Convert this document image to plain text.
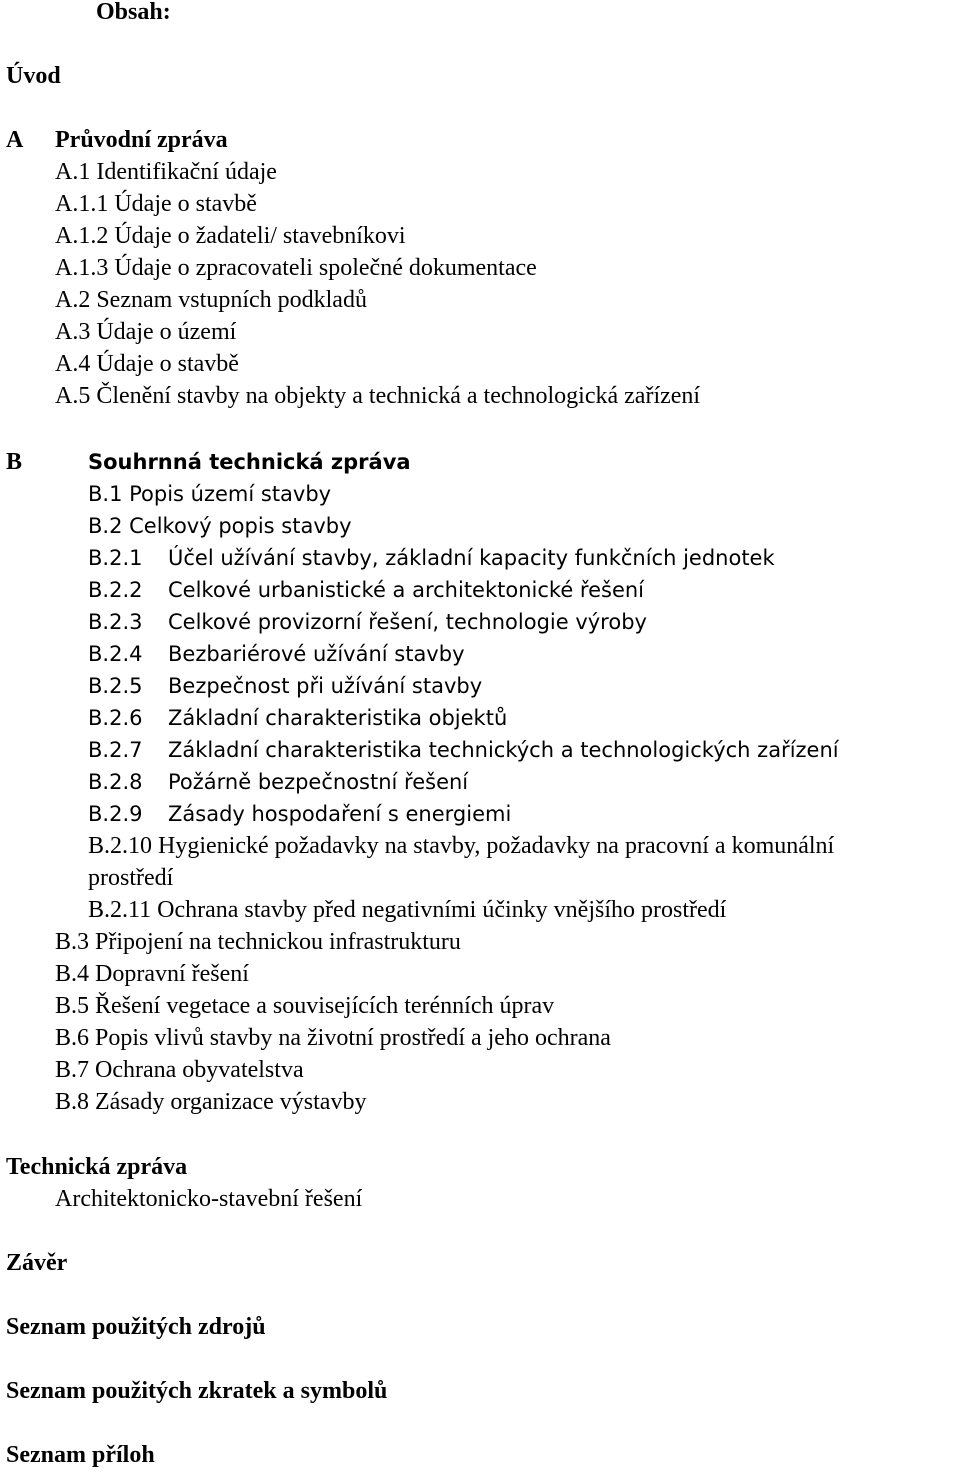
Obsah:
Úvod
A Průvodní zpráva
A.1 Identifikační údaje
A.1.1 Údaje o stavbě
A.1.2 Údaje o žadateli/ stavebníkovi
A.1.3 Údaje o zpracovateli společné dokumentace
A.2 Seznam vstupních podkladů
A.3 Údaje o území
A.4 Údaje o stavbě
A.5 Členění stavby na objekty a technická a technologická zařízení
B	Souhrnná technická zpráva
B.1 Popis území stavby
B.2 Celkový popis stavby
B.2.1 Účel užívání stavby, základní kapacity funkčních jednotek
B.2.2 Celkové urbanistické a architektonické řešení
B.2.3 Celkové provizorní řešení, technologie výroby
B.2.4 Bezbariérové užívání stavby
B.2.5 Bezpečnost při užívání stavby
B.2.6 Základní charakteristika objektů
B.2.7 Základní charakteristika technických a technologických zařízení
B.2.8 Požárně bezpečnostní řešení
B.2.9 Zásady hospodaření s energiemi
B.2.10 Hygienické požadavky na stavby, požadavky na pracovní a komunální
prostředí
B.2.11 Ochrana stavby před negativními účinky vnějšího prostředí
B.3 Připojení na technickou infrastrukturu
B.4 Dopravní řešení
B.5 Řešení vegetace a souvisejících terénních úprav
B.6 Popis vlivů stavby na životní prostředí a jeho ochrana
B.7 Ochrana obyvatelstva
B.8 Zásady organizace výstavby
Technická zpráva
Architektonicko-stavební řešení
Závěr
Seznam použitých zdrojů
Seznam použitých zkratek a symbolů
Seznam příloh
